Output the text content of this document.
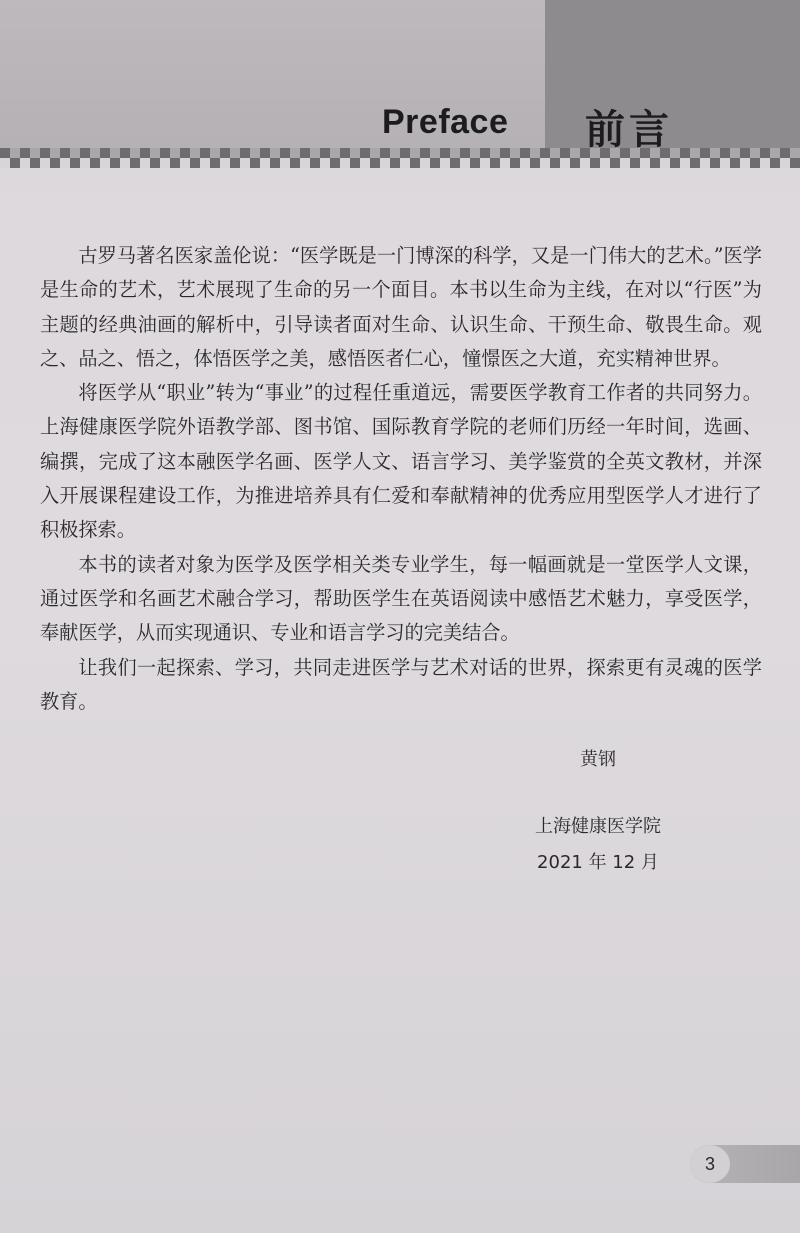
Preface 前言

古罗马著名医家盖伦说：“医学既是一门博深的科学，又是一门伟大的艺术。”医学是生命的艺术，艺术展现了生命的另一个面目。本书以生命为主线，在对以“行医”为主题的经典油画的解析中，引导读者面对生命、认识生命、干预生命、敬畏生命。观之、品之、悟之，体悟医学之美，感悟医者仁心，憧憬医之大道，充实精神世界。

将医学从“职业”转为“事业”的过程任重道远，需要医学教育工作者的共同努力。上海健康医学院外语教学部、图书馆、国际教育学院的老师们历经一年时间，选画、编撰，完成了这本融医学名画、医学人文、语言学习、美学鉴赏的全英文教材，并深入开展课程建设工作，为推进培养具有仁爱和奉献精神的优秀应用型医学人才进行了积极探索。

本书的读者对象为医学及医学相关类专业学生，每一幅画就是一堂医学人文课，通过医学和名画艺术融合学习，帮助医学生在英语阅读中感悟艺术魅力，享受医学，奉献医学，从而实现通识、专业和语言学习的完美结合。

让我们一起探索、学习，共同走进医学与艺术对话的世界，探索更有灵魂的医学教育。

黄钢
上海健康医学院
2021 年 12 月
3
